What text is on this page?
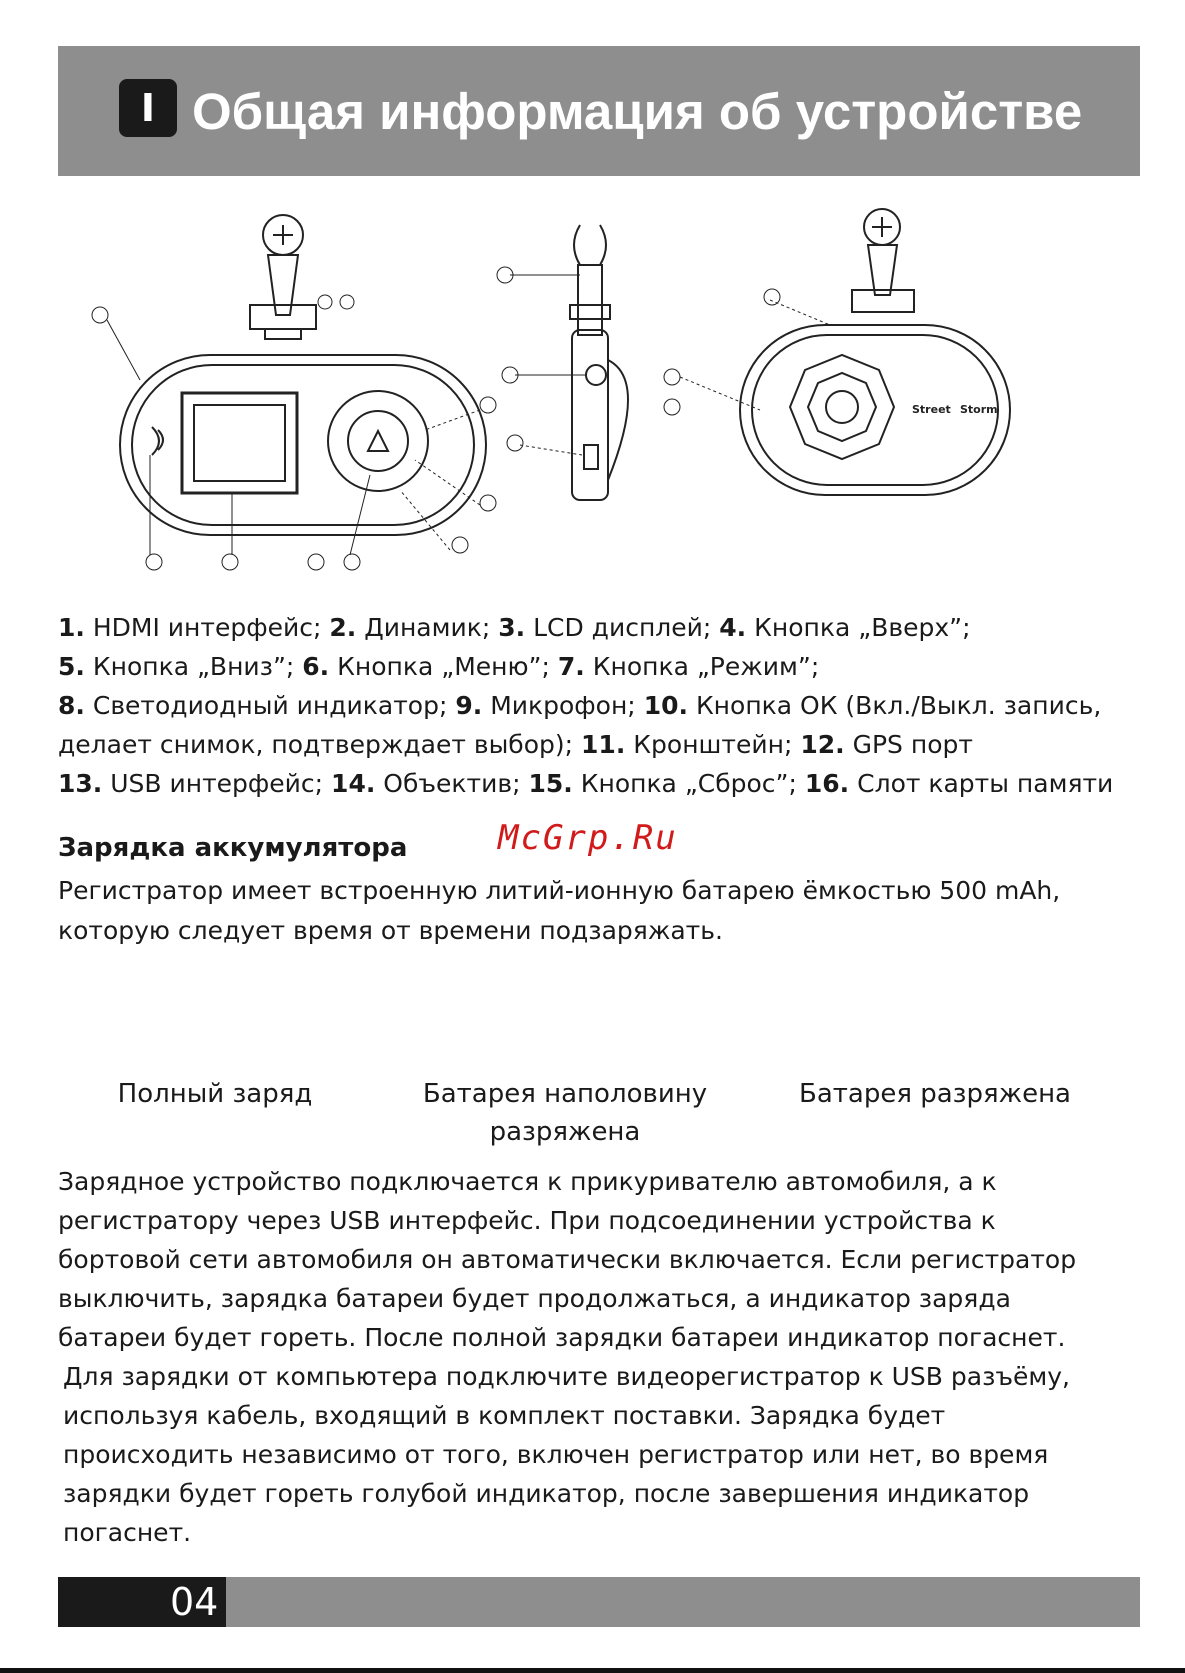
I Общая информация об устройстве
Street Storm

1. HDMI интерфейс; 2. Динамик; 3. LCD дисплей; 4. Кнопка „Вверх”;

5. Кнопка „Вниз”; 6. Кнопка „Меню”; 7. Кнопка „Режим”;

8. Светодиодный индикатор; 9. Микрофон; 10. Кнопка ОК (Вкл./Выкл. запись,

делает снимок, подтверждает выбор); 11. Кронштейн; 12. GPS порт

13. USB интерфейс; 14. Объектив; 15. Кнопка „Сброс”; 16. Слот карты памяти

Зарядка аккумулятора	McGrp.Ru

Регистратор имеет встроенную литий-ионную батарею ёмкостью 500 mAh,

которую следует время от времени подзаряжать.

Полный заряд	Батарея наполовину
разряжена
Батарея разряжена

Зарядное устройство подключается к прикуривателю автомобиля, а к

регистратору через USB интерфейс. При подсоединении устройства к

бортовой сети автомобиля он автоматически включается. Если регистратор

выключить, зарядка батареи будет продолжаться, а индикатор заряда

батареи будет гореть. После полной зарядки батареи индикатор погаснет.

Для зарядки от компьютера подключите видеорегистратор к USB разъёму,

используя кабель, входящий в комплект поставки. Зарядка будет

происходить независимо от того, включен регистратор или нет, во время

зарядки будет гореть голубой индикатор, после завершения индикатор

погаснет.

04
